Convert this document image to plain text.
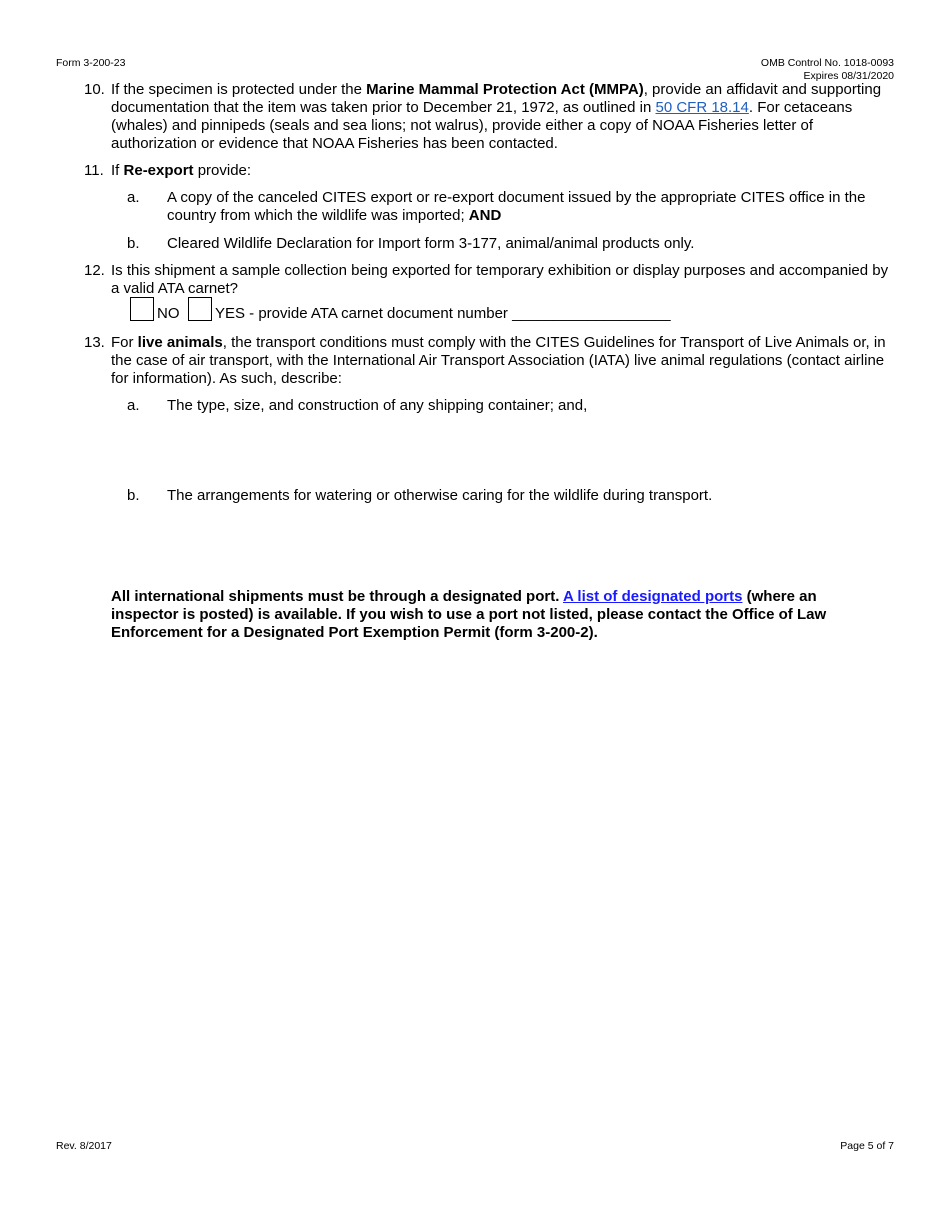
Form 3-200-23	OMB Control No. 1018-0093
Expires 08/31/2020
10. If the specimen is protected under the Marine Mammal Protection Act (MMPA), provide an affidavit and supporting documentation that the item was taken prior to December 21, 1972, as outlined in 50 CFR 18.14. For cetaceans (whales) and pinnipeds (seals and sea lions; not walrus), provide either a copy of NOAA Fisheries letter of authorization or evidence that NOAA Fisheries has been contacted.
11. If Re-export provide:
a. A copy of the canceled CITES export or re-export document issued by the appropriate CITES office in the country from which the wildlife was imported; AND
b. Cleared Wildlife Declaration for Import form 3-177, animal/animal products only.
12. Is this shipment a sample collection being exported for temporary exhibition or display purposes and accompanied by a valid ATA carnet?
NO YES - provide ATA carnet document number ___________________
13. For live animals, the transport conditions must comply with the CITES Guidelines for Transport of Live Animals or, in the case of air transport, with the International Air Transport Association (IATA) live animal regulations (contact airline for information). As such, describe:
a. The type, size, and construction of any shipping container; and,
b. The arrangements for watering or otherwise caring for the wildlife during transport.
All international shipments must be through a designated port. A list of designated ports (where an inspector is posted) is available. If you wish to use a port not listed, please contact the Office of Law Enforcement for a Designated Port Exemption Permit (form 3-200-2).
Rev. 8/2017	Page 5 of 7
